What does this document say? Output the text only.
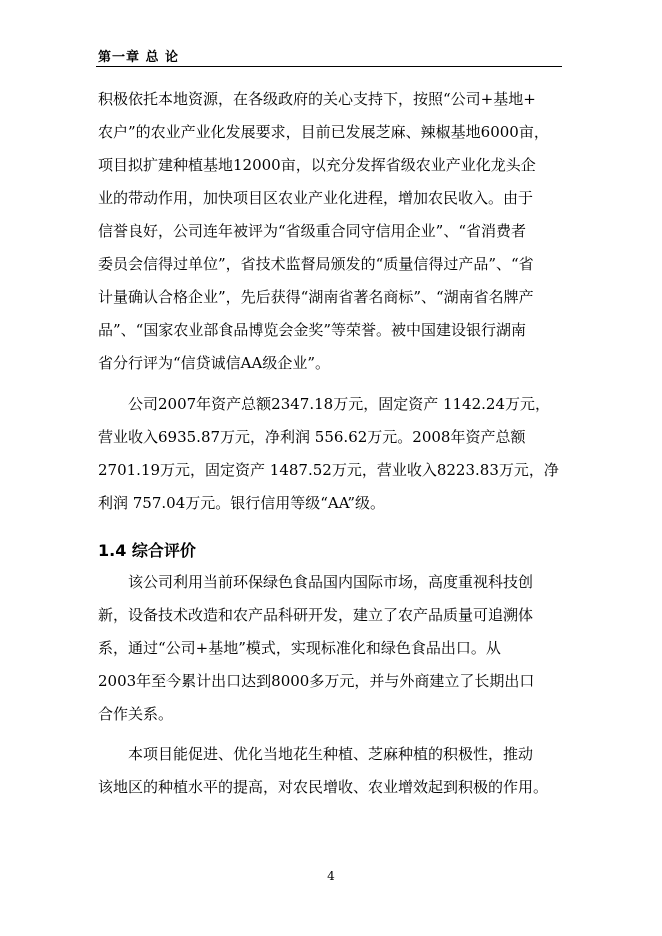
第一章 总 论
积极依托本地资源，在各级政府的关心支持下，按照“公司+基地+
农户”的农业产业化发展要求，目前已发展芝麻、辣椒基地6000亩，
项目拟扩建种植基地12000亩，以充分发挥省级农业产业化龙头企
业的带动作用，加快项目区农业产业化进程，增加农民收入。由于
信誉良好，公司连年被评为“省级重合同守信用企业”、“省消费者
委员会信得过单位”，省技术监督局颁发的“质量信得过产品”、“省
计量确认合格企业”，先后获得“湖南省著名商标”、“湖南省名牌产
品”、“国家农业部食品博览会金奖”等荣誉。被中国建设银行湖南
省分行评为“信贷诚信AA级企业”。
公司2007年资产总额2347.18万元，固定资产 1142.24万元，
营业收入6935.87万元，净利润 556.62万元。2008年资产总额
2701.19万元，固定资产 1487.52万元，营业收入8223.83万元，净
利润 757.04万元。银行信用等级“AA”级。
1.4 综合评价
该公司利用当前环保绿色食品国内国际市场，高度重视科技创
新，设备技术改造和农产品科研开发，建立了农产品质量可追溯体
系，通过“公司+基地”模式，实现标准化和绿色食品出口。从
2003年至今累计出口达到8000多万元，并与外商建立了长期出口
合作关系。
本项目能促进、优化当地花生种植、芝麻种植的积极性，推动
该地区的种植水平的提高，对农民增收、农业增效起到积极的作用。
4
